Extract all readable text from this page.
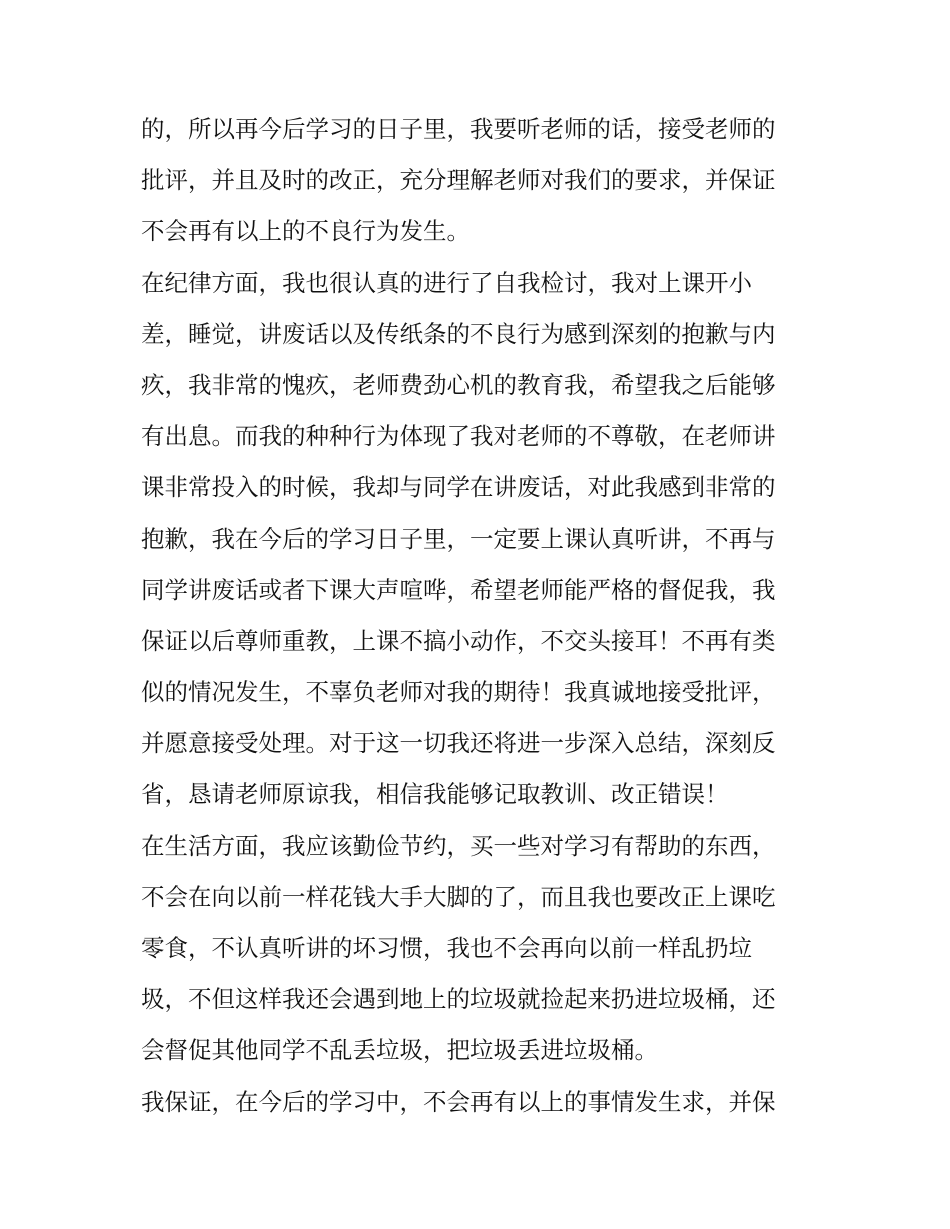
的，所以再今后学习的日子里，我要听老师的话，接受老师的
批评，并且及时的改正，充分理解老师对我们的要求，并保证
不会再有以上的不良行为发生。
在纪律方面，我也很认真的进行了自我检讨，我对上课开小
差，睡觉，讲废话以及传纸条的不良行为感到深刻的抱歉与内
疚，我非常的愧疚，老师费劲心机的教育我，希望我之后能够
有出息。而我的种种行为体现了我对老师的不尊敬，在老师讲
课非常投入的时候，我却与同学在讲废话，对此我感到非常的
抱歉，我在今后的学习日子里，一定要上课认真听讲，不再与
同学讲废话或者下课大声喧哗，希望老师能严格的督促我，我
保证以后尊师重教，上课不搞小动作，不交头接耳！不再有类
似的情况发生，不辜负老师对我的期待！我真诚地接受批评，
并愿意接受处理。对于这一切我还将进一步深入总结，深刻反
省，恳请老师原谅我，相信我能够记取教训、改正错误！
在生活方面，我应该勤俭节约，买一些对学习有帮助的东西，
不会在向以前一样花钱大手大脚的了，而且我也要改正上课吃
零食，不认真听讲的坏习惯，我也不会再向以前一样乱扔垃
圾，不但这样我还会遇到地上的垃圾就捡起来扔进垃圾桶，还
会督促其他同学不乱丢垃圾，把垃圾丢进垃圾桶。
我保证，在今后的学习中，不会再有以上的事情发生求，并保
